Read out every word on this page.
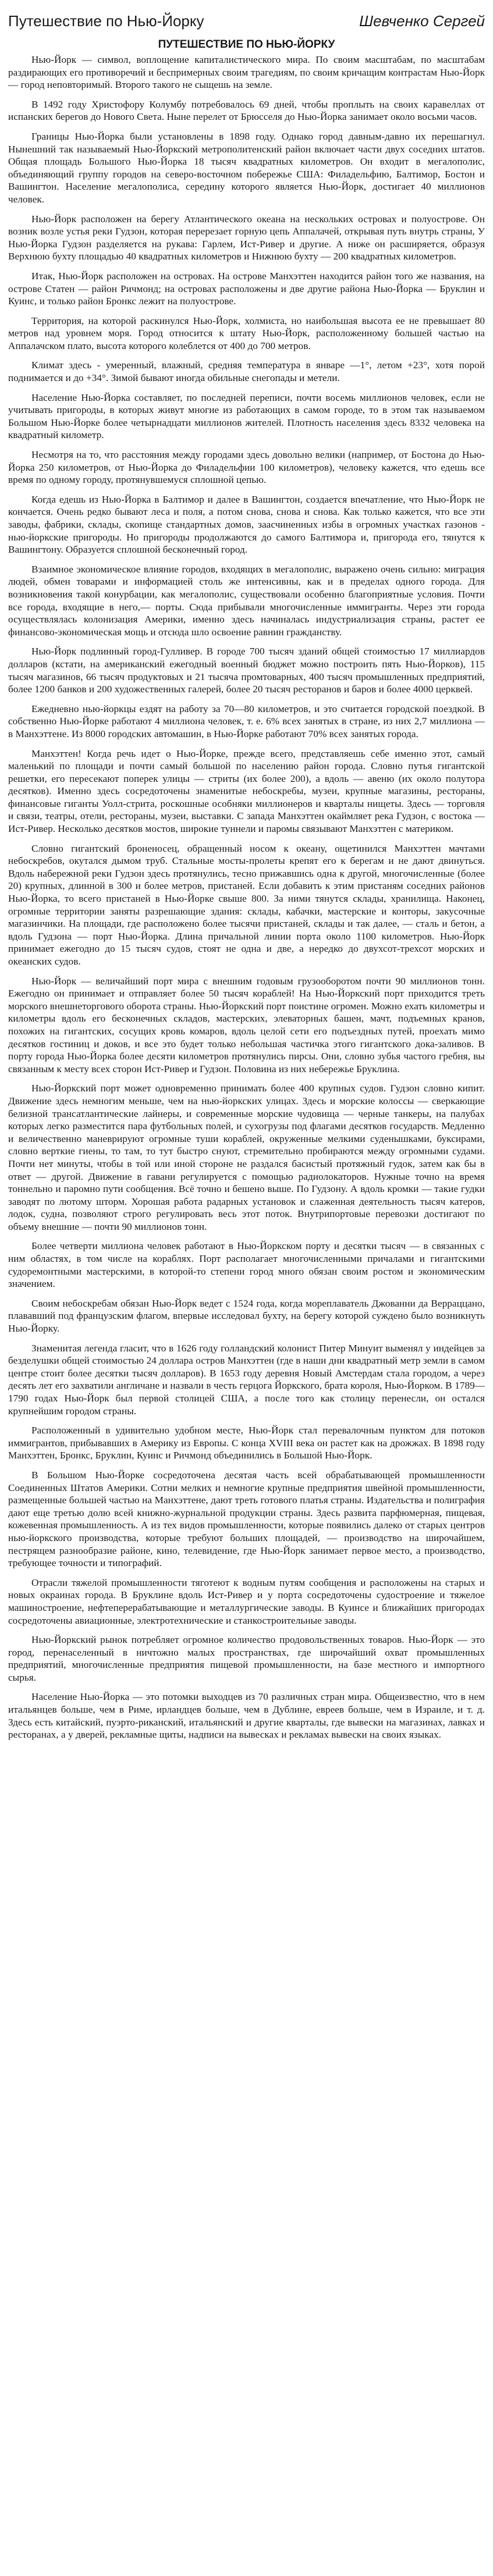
Путешествие по Нью-Йорку	Шевченко Сергей
ПУТЕШЕСТВИЕ ПО НЬЮ-ЙОРКУ

Нью-Йорк — символ, воплощение капиталистического мира. По своим масштабам, по масштабам раздирающих его противоречий и беспримерных своим трагедиям, по своим кричащим контрастам Нью-Йорк — город неповторимый. Второго такого не сыщешь на земле.

В 1492 году Христофору Колумбу потребовалось 69 дней, чтобы проплыть на своих каравеллах от испанских берегов до Нового Света. Ныне перелет от Брюсселя до Нью-Йорка занимает около восьми часов.

Границы Нью-Йорка были установлены в 1898 году. Однако город давным-давно их перешагнул. Нынешний так называемый Нью-Йоркский метрополитенский район включает части двух соседних штатов. Общая площадь Большого Нью-Йорка 18 тысяч квадратных километров. Он входит в мегалополис, объединяющий группу городов на северо-восточном побережье США: Филадельфию, Балтимор, Бостон и Вашингтон. Население мегалополиса, середину которого является Нью-Йорк, достигает 40 миллионов человек.

Нью-Йорк расположен на берегу Атлантического океана на нескольких островах и полуострове. Он возник возле устья реки Гудзон, которая перерезает горную цепь Аппалачей, открывая путь внутрь страны, У Нью-Йорка Гудзон разделяется на рукава: Гарлем, Ист-Ривер и другие. А ниже он расширяется, образуя Верхнюю бухту площадью 40 квадратных километров и Нижнюю бухту — 200 квадратных километров.

Итак, Нью-Йорк расположен на островах. На острове Манхэттен находится район того же названия, на острове Статен — район Ричмонд; на островах расположены и две другие района Нью-Йорка — Бруклин и Куинс, и только район Бронкс лежит на полуострове.

Территория, на которой раскинулся Нью-Йорк, холмиста, но наибольшая высота ее не превышает 80 метров над уровнем моря. Город относится к штату Нью-Йорк, расположенному большей частью на Аппалачском плато, высота которого колеблется от 400 до 700 метров.

Климат здесь - умеренный, влажный, средняя температура в январе —1°, летом +23°, хотя порой поднимается и до +34°. Зимой бывают иногда обильные снегопады и метели.

Население Нью-Йорка составляет, по последней переписи, почти восемь миллионов человек, если не учитывать пригороды, в которых живут многие из работающих в самом городе, то в этом так называемом Большом Нью-Йорке более четырнадцати миллионов жителей. Плотность населения здесь 8332 человека на квадратный километр.

Несмотря на то, что расстояния между городами здесь довольно велики (например, от Бостона до Нью-Йорка 250 километров, от Нью-Йорка до Филадельфии 100 километров), человеку кажется, что едешь все время по одному городу, протянувшемуся сплошной цепью.

Когда едешь из Нью-Йорка в Балтимор и далее в Вашингтон, создается впечатление, что Нью-Йорк не кончается. Очень редко бывают леса и поля, а потом снова, снова и снова. Как только кажется, что все эти заводы, фабрики, склады, скопище стандартных домов, заасчиненных избы в огромных участках газонов - нью-йоркские пригороды. Но пригороды продолжаются до самого Балтимора и, пригорода его, тянутся к Вашингтону. Образуется сплошной бесконечный город.

Взаимное экономическое влияние городов, входящих в мегалополис, выражено очень сильно: миграция людей, обмен товарами и информацией столь же интенсивны, как и в пределах одного города. Для возникновения такой конурбации, как мегалополис, существовали особенно благоприятные условия. Почти все города, входящие в него,— порты. Сюда прибывали многочисленные иммигранты. Через эти города осуществлялась колонизация Америки, именно здесь начиналась индустриализация страны, растет ее финансово-экономическая мощь и отсюда шло освоение равнин гражданству.

Нью-Йорк подлинный город-Гулливер. В городе 700 тысяч зданий общей стоимостью 17 миллиардов долларов (кстати, на американский ежегодный военный бюджет можно построить пять Нью-Йорков), 115 тысяч магазинов, 66 тысяч продуктовых и 21 тысяча промтоварных, 400 тысяч промышленных предприятий, более 1200 банков и 200 художественных галерей, более 20 тысяч ресторанов и баров и более 4000 церквей.

Ежедневно нью-йоркцы ездят на работу за 70—80 километров, и это считается городской поездкой. В собственно Нью-Йорке работают 4 миллиона человек, т. е. 6% всех занятых в стране, из них 2,7 миллиона — в Манхэттене. Из 8000 городских автомашин, в Нью-Йорке работают 70% всех занятых города.

Манхэттен! Когда речь идет о Нью-Йорке, прежде всего, представляешь себе именно этот, самый маленький по площади и почти самый большой по населению район города. Словно путья гигантской решетки, его пересекают поперек улицы — стриты (их более 200), а вдоль — авеню (их около полутора десятков). Именно здесь сосредоточены знаменитые небоскребы, музеи, крупные магазины, рестораны, финансовые гиганты Уолл-стрита, роскошные особняки миллионеров и кварталы нищеты. Здесь — торговля и связи, театры, отели, рестораны, музеи, выставки. С запада Манхэттен окаймляет река Гудзон, с востока — Ист-Ривер. Несколько десятков мостов, широкие туннели и паромы связывают Манхэттен с материком.

Словно гигантский броненосец, обращенный носом к океану, ощетинился Манхэттен мачтами небоскребов, окутался дымом труб. Стальные мосты-пролеты крепят его к берегам и не дают двинуться. Вдоль набережной реки Гудзон здесь протянулись, тесно прижавшись одна к другой, многочисленные (более 20) крупных, длинной в 300 и более метров, пристаней. Если добавить к этим пристаням соседних районов Нью-Йорка, то всего пристаней в Нью-Йорке свыше 800. За ними тянутся склады, хранилища. Наконец, огромные территории заняты разрешающие здания: склады, кабачки, мастерские и конторы, закусочные магазинчики. На площади, где расположено более тысячи пристаней, склады и так далее, — сталь и бетон, а вдоль Гудзона — порт Нью-Йорка. Длина причальной линии порта около 1100 километров. Нью-Йорк принимает ежегодно до 15 тысяч судов, стоят не одна и две, а нередко до двухсот-трехсот морских и океанских судов.

Нью-Йорк — величайший порт мира с внешним годовым грузооборотом почти 90 миллионов тонн. Ежегодно он принимает и отправляет более 50 тысяч кораблей! На Нью-Йоркский порт приходится треть морского внешнеторгового оборота страны. Нью-Йоркский порт поистине огромен. Можно ехать километры и километры вдоль его бесконечных складов, мастерских, элеваторных башен, мачт, подъемных кранов, похожих на гигантских, сосущих кровь комаров, вдоль целой сети его подъездных путей, проехать мимо десятков гостиниц и доков, и все это будет только небольшая частичка этого гигантского дока-заливов. В порту города Нью-Йорка более десяти километров протянулись пирсы. Они, словно зубья частого гребня, вы связанным к месту всех сторон Ист-Ривер и Гудзон. Половина из них небережье Бруклина.

Нью-Йоркский порт может одновременно принимать более 400 крупных судов. Гудзон словно кипит. Движение здесь немногим меньше, чем на нью-йоркских улицах. Здесь и морские колоссы — сверкающие белизной трансатлантические лайнеры, и современные морские чудовища — черные танкеры, на палубах которых легко разместится пара футбольных полей, и сухогрузы под флагами десятков государств. Медленно и величественно маневрируют огромные туши кораблей, окруженные мелкими суденышками, буксирами, словно верткие гиены, то там, то тут быстро снуют, стремительно пробираются между огромными судами. Почти нет минуты, чтобы в той или иной стороне не раздался басистый протяжный гудок, затем как бы в ответ — другой. Движение в гавани регулируется с помощью радиолокаторов. Нужные точно на время тоннельно и паромно пути сообщения. Всё точно и бешено выше. По Гудзону. А вдоль кромки — такие гудки заводят по лютому шторм. Хорошая работа радарных установок и слаженная деятельность тысяч катеров, лодок, судна, позволяют строго регулировать весь этот поток. Внутрипортовые перевозки достигают по объему внешние — почти 90 миллионов тонн.

Более четверти миллиона человек работают в Нью-Йоркском порту и десятки тысяч — в связанных с ним областях, в том числе на кораблях. Порт располагает многочисленными причалами и гигантскими судоремонтными мастерскими, в которой-то степени город много обязан своим ростом и экономическим значением.

Своим небоскребам обязан Нью-Йорк ведет с 1524 года, когда мореплаватель Джованни да Верраццано, плававший под французским флагом, впервые исследовал бухту, на берегу которой суждено было возникнуть Нью-Йорку.

Знаменитая легенда гласит, что в 1626 году голландский колонист Питер Минуит выменял у индейцев за безделушки общей стоимостью 24 доллара остров Манхэттен (где в наши дни квадратный метр земли в самом центре стоит более десятки тысяч долларов). В 1653 году деревня Новый Амстердам стала городом, а через десять лет его захватили англичане и назвали в честь герцога Йоркского, брата короля, Нью-Йорком. В 1789—1790 годах Нью-Йорк был первой столицей США, а после того как столицу перенесли, он остался крупнейшим городом страны.

Расположенный в удивительно удобном месте, Нью-Йорк стал перевалочным пунктом для потоков иммигрантов, прибывавших в Америку из Европы. С конца XVIII века он растет как на дрожжах. В 1898 году Манхэттен, Бронкс, Бруклин, Куинс и Ричмонд объединились в Большой Нью-Йорк.

В Большом Нью-Йорке сосредоточена десятая часть всей обрабатывающей промышленности Соединенных Штатов Америки. Сотни мелких и немногие крупные предприятия швейной промышленности, размещенные большей частью на Манхэттене, дают треть готового платья страны. Издательства и полиграфия дают еще третью долю всей книжно-журнальной продукции страны. Здесь развита парфюмерная, пищевая, кожевенная промышленность. А из тех видов промышленности, которые появились далеко от старых центров нью-йоркского производства, которые требуют больших площадей, — производство на широчайшем, пестрящем разнообразие районе, кино, телевидение, где Нью-Йорк занимает первое место, а производство, требующее точности и типографий.

Отрасли тяжелой промышленности тяготеют к водным путям сообщения и расположены на старых и новых окраинах города. В Бруклине вдоль Ист-Ривер и у порта сосредоточены судостроение и тяжелое машиностроение, нефтеперерабатывающие и металлургические заводы. В Куинсе и ближайших пригородах сосредоточены авиационные, электротехнические и станкостроительные заводы.

Нью-Йоркский рынок потребляет огромное количество продовольственных товаров. Нью-Йорк — это город, перенаселенный в ничтожно малых пространствах, где широчайший охват промышленных предприятий, многочисленные предприятия пищевой промышленности, на базе местного и импортного сырья.

Население Нью-Йорка — это потомки выходцев из 70 различных стран мира. Общеизвестно, что в нем итальянцев больше, чем в Риме, ирландцев больше, чем в Дублине, евреев больше, чем в Израиле, и т. д. Здесь есть китайский, пуэрто-риканский, итальянский и другие кварталы, где вывески на магазинах, лавках и ресторанах, а у дверей, рекламные щиты, надписи на вывесках и рекламах вывески на своих языках.
